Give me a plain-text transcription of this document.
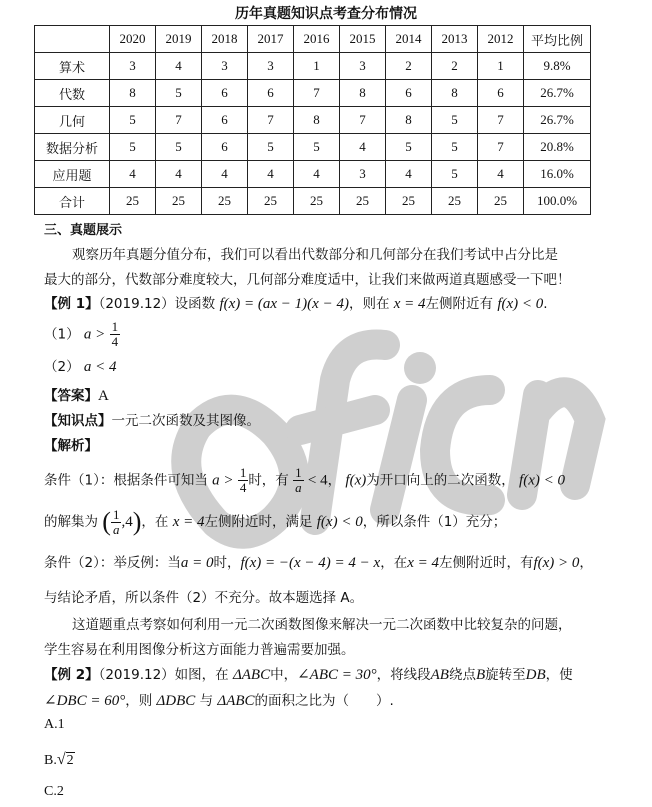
历年真题知识点考查分布情况
	2020	2019	2018	2017	2016	2015	2014	2013	2012	平均比例
算术	3	4	3	3	1	3	2	2	1	9.8%
代数	8	5	6	6	7	8	6	8	6	26.7%
几何	5	7	6	7	8	7	8	5	7	26.7%
数据分析	5	5	6	5	5	4	5	5	7	20.8%
应用题	4	4	4	4	4	3	4	5	4	16.0%
合计	25	25	25	25	25	25	25	25	25	100.0%
三、真题展示
观察历年真题分值分布，我们可以看出代数部分和几何部分在我们考试中占分比是
最大的部分，代数部分难度较大，几何部分难度适中，让我们来做两道真题感受一下吧！
【例 1】（2019.12）设函数 f(x) = (ax − 1)(x − 4)，则在 x = 4左侧附近有 f(x) < 0.
（1） $a > \frac{1}{4}$
（2） a < 4
【答案】A
【知识点】一元二次函数及其图像。
【解析】
条件（1）：根据条件可知当 $a > \frac{1}{4}$ 时，有 $\frac{1}{a} < 4$， f(x)为开口向上的二次函数， f(x) < 0
的解集为 ( $\frac{1}{a} ,4$)，在 x = 4左侧附近时，满足 f(x) < 0，所以条件（1）充分；
条件（2）：举反例：当a = 0时，f(x) = −(x − 4) = 4 − x，在x = 4左侧附近时，有f(x) > 0，
与结论矛盾，所以条件（2）不充分。故本题选择 A。
这道题重点考察如何利用一元二次函数图像来解决一元二次函数中比较复杂的问题，
学生容易在利用图像分析这方面能力普遍需要加强。
【例 2】（2019.12）如图，在 ΔABC中，∠ABC = 30°，将线段AB绕点B旋转至DB，使
∠DBC = 60°，则 ΔDBC 与 ΔABC的面积之比为（　　）.
A.1
B.√2
C.2
